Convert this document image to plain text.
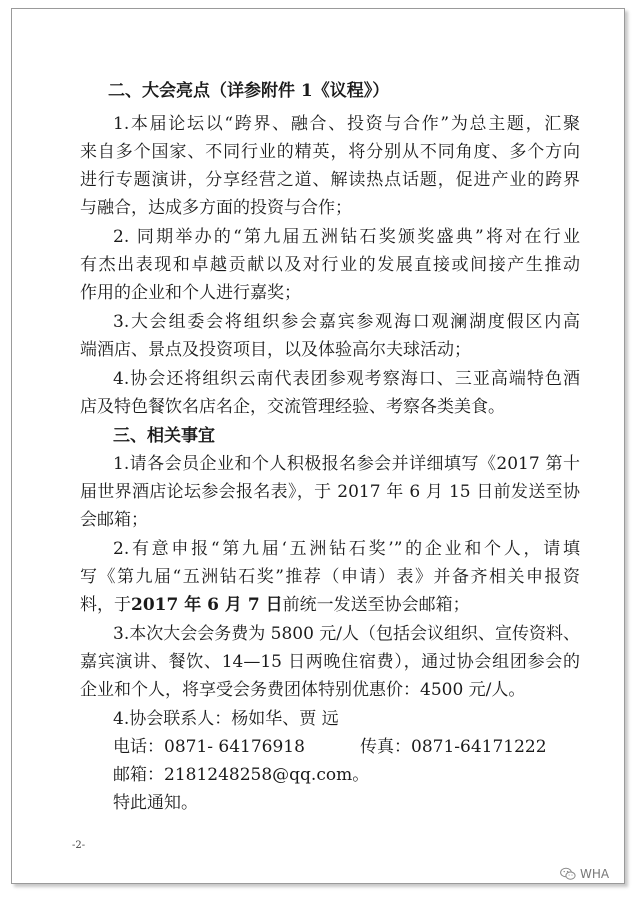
二、大会亮点（详参附件 1《议程》）
1.本届论坛以“跨界、融合、投资与合作”为总主题，汇聚
来自多个国家、不同行业的精英，将分别从不同角度、多个方向
进行专题演讲，分享经营之道、解读热点话题，促进产业的跨界
与融合，达成多方面的投资与合作；
2. 同期举办的“第九届五洲钻石奖颁奖盛典”将对在行业
有杰出表现和卓越贡献以及对行业的发展直接或间接产生推动
作用的企业和个人进行嘉奖；
3.大会组委会将组织参会嘉宾参观海口观澜湖度假区内高
端酒店、景点及投资项目，以及体验高尔夫球活动；
4.协会还将组织云南代表团参观考察海口、三亚高端特色酒
店及特色餐饮名店名企，交流管理经验、考察各类美食。
三、相关事宜
1.请各会员企业和个人积极报名参会并详细填写《2017 第十
届世界酒店论坛参会报名表》，于 2017 年 6 月 15 日前发送至协
会邮箱；
2.有意申报“第九届‘五洲钻石奖’”的企业和个人，请填
写《第九届“五洲钻石奖”推荐（申请）表》并备齐相关申报资
料，于2017 年 6 月 7 日前统一发送至协会邮箱；
3.本次大会会务费为 5800 元/人（包括会议组织、宣传资料、
嘉宾演讲、餐饮、14—15 日两晚住宿费），通过协会组团参会的
企业和个人，将享受会务费团体特别优惠价：4500 元/人。
4.协会联系人：杨如华、贾 远
电话：0871- 64176918	传真：0871-64171222
邮箱：2181248258@qq.com。
特此通知。
-2-
WHA
